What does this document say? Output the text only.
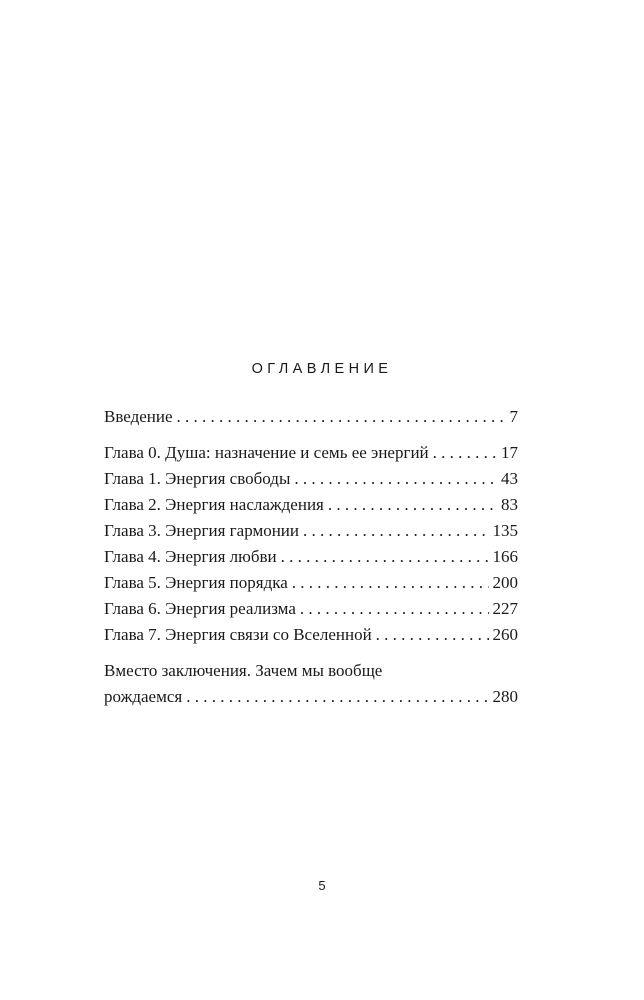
ОГЛАВЛЕНИЕ
Введение . . .	7
Глава 0. Душа: назначение и семь ее энергий . . .	17
Глава 1. Энергия свободы . . .	43
Глава 2. Энергия наслаждения . . .	83
Глава 3. Энергия гармонии . . .	135
Глава 4. Энергия любви . . .	166
Глава 5. Энергия порядка . . .	200
Глава 6. Энергия реализма . . .	227
Глава 7. Энергия связи со Вселенной . . .	260
Вместо заключения. Зачем мы вообще
рождаемся . . .	280
5
